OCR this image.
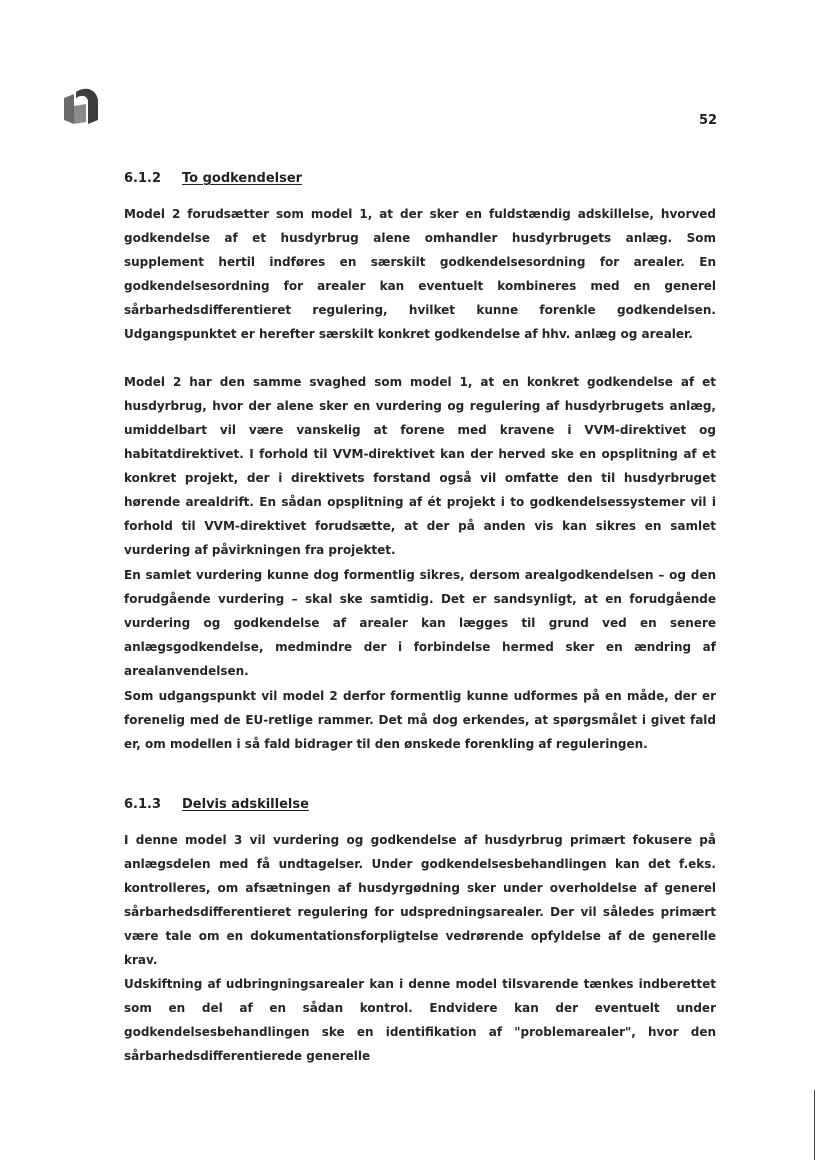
52
6.1.2 To godkendelser

Model 2 forudsætter som model 1, at der sker en fuldstændig adskillelse, hvorved godkendelse af et husdyrbrug alene omhandler husdyrbrugets anlæg. Som supplement hertil indføres en særskilt godkendelsesordning for arealer. En godkendelsesordning for arealer kan eventuelt kombineres med en generel sårbarhedsdifferentieret regulering, hvilket kunne forenkle godkendelsen. Udgangspunktet er herefter særskilt konkret godkendelse af hhv. anlæg og arealer.

Model 2 har den samme svaghed som model 1, at en konkret godkendelse af et husdyrbrug, hvor der alene sker en vurdering og regulering af husdyrbrugets anlæg, umiddelbart vil være vanskelig at forene med kravene i VVM-direktivet og habitatdirektivet. I forhold til VVM-direktivet kan der herved ske en opsplitning af et konkret projekt, der i direktivets forstand også vil omfatte den til husdyrbruget hørende arealdrift. En sådan opsplitning af ét projekt i to godkendelsessystemer vil i forhold til VVM-direktivet forudsætte, at der på anden vis kan sikres en samlet vurdering af påvirkningen fra projektet.

En samlet vurdering kunne dog formentlig sikres, dersom arealgodkendelsen – og den forudgående vurdering – skal ske samtidig. Det er sandsynligt, at en forudgående vurdering og godkendelse af arealer kan lægges til grund ved en senere anlægsgodkendelse, medmindre der i forbindelse hermed sker en ændring af arealanvendelsen.

Som udgangspunkt vil model 2 derfor formentlig kunne udformes på en måde, der er forenelig med de EU-retlige rammer. Det må dog erkendes, at spørgsmålet i givet fald er, om modellen i så fald bidrager til den ønskede forenkling af reguleringen.

6.1.3 Delvis adskillelse

I denne model 3 vil vurdering og godkendelse af husdyrbrug primært fokusere på anlægsdelen med få undtagelser. Under godkendelsesbehandlingen kan det f.eks. kontrolleres, om afsætningen af husdyrgødning sker under overholdelse af generel sårbarhedsdifferentieret regulering for udspredningsarealer. Der vil således primært være tale om en dokumentationsforpligtelse vedrørende opfyldelse af de generelle krav.

Udskiftning af udbringningsarealer kan i denne model tilsvarende tænkes indberettet som en del af en sådan kontrol. Endvidere kan der eventuelt under godkendelsesbehandlingen ske en identifikation af "problemarealer", hvor den sårbarhedsdifferentierede generelle
